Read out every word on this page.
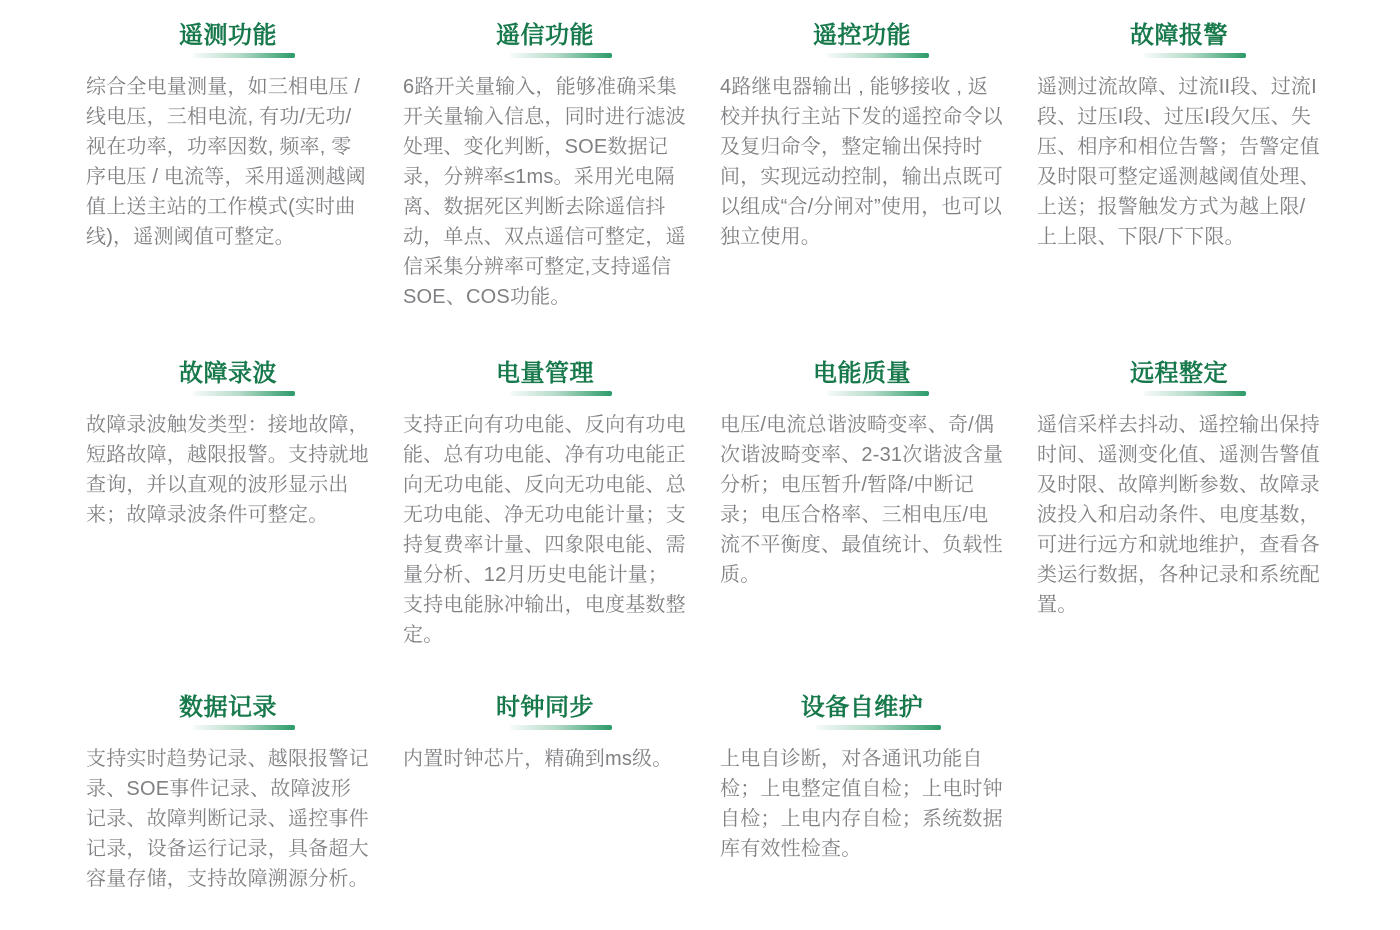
遥测功能

综合全电量测量，如三相电压 / 线电压，三相电流, 有功/无功/视在功率，功率因数, 频率, 零序电压 / 电流等，采用遥测越阈值上送主站的工作模式(实时曲线)，遥测阈值可整定。

遥信功能

6路开关量输入，能够准确采集开关量输入信息，同时进行滤波处理、变化判断，SOE数据记录，分辨率≤1ms。采用光电隔离、数据死区判断去除遥信抖动，单点、双点遥信可整定，遥信采集分辨率可整定,支持遥信SOE、COS功能。

遥控功能

4路继电器输出 , 能够接收 , 返校并执行主站下发的遥控命令以及复归命令，整定输出保持时间，实现远动控制，输出点既可以组成“合/分闸对”使用，也可以独立使用。

故障报警

遥测过流故障、过流II段、过流I段、过压I段、过压I段欠压、失压、相序和相位告警；告警定值及时限可整定遥测越阈值处理、上送；报警触发方式为越上限/上上限、下限/下下限。

故障录波

故障录波触发类型：接地故障，短路故障，越限报警。支持就地查询，并以直观的波形显示出来；故障录波条件可整定。

电量管理

支持正向有功电能、反向有功电能、总有功电能、净有功电能正向无功电能、反向无功电能、总无功电能、净无功电能计量；支持复费率计量、四象限电能、需量分析、12月历史电能计量；支持电能脉冲输出，电度基数整定。

电能质量

电压/电流总谐波畸变率、奇/偶次谐波畸变率、2-31次谐波含量分析；电压暂升/暂降/中断记录；电压合格率、三相电压/电流不平衡度、最值统计、负载性质。

远程整定

遥信采样去抖动、遥控输出保持时间、遥测变化值、遥测告警值及时限、故障判断参数、故障录波投入和启动条件、电度基数，可进行远方和就地维护，查看各类运行数据，各种记录和系统配置。

数据记录

支持实时趋势记录、越限报警记录、SOE事件记录、故障波形记录、故障判断记录、遥控事件记录，设备运行记录，具备超大容量存储，支持故障溯源分析。

时钟同步

内置时钟芯片，精确到ms级。

设备自维护

上电自诊断，对各通讯功能自检；上电整定值自检；上电时钟自检；上电内存自检；系统数据库有效性检查。
